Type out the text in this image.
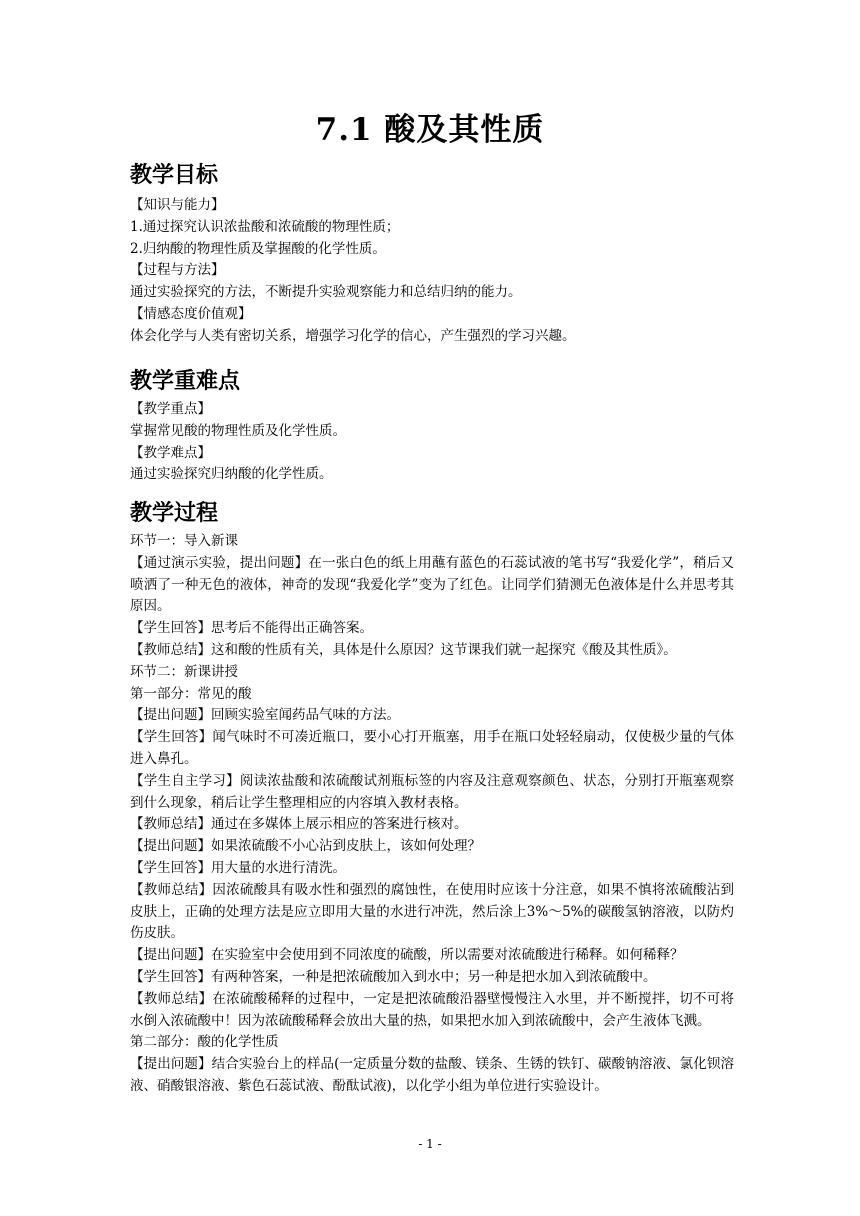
7.1 酸及其性质
教学目标

【知识与能力】

1.通过探究认识浓盐酸和浓硫酸的物理性质；

2.归纳酸的物理性质及掌握酸的化学性质。

【过程与方法】

通过实验探究的方法，不断提升实验观察能力和总结归纳的能力。

【情感态度价值观】

体会化学与人类有密切关系，增强学习化学的信心，产生强烈的学习兴趣。

教学重难点

【教学重点】

掌握常见酸的物理性质及化学性质。

【教学难点】

通过实验探究归纳酸的化学性质。

教学过程

环节一：导入新课

【通过演示实验，提出问题】在一张白色的纸上用蘸有蓝色的石蕊试液的笔书写“我爱化学”，稍后又喷洒了一种无色的液体，神奇的发现“我爱化学”变为了红色。让同学们猜测无色液体是什么并思考其原因。

【学生回答】思考后不能得出正确答案。

【教师总结】这和酸的性质有关，具体是什么原因？这节课我们就一起探究《酸及其性质》。

环节二：新课讲授

第一部分：常见的酸

【提出问题】回顾实验室闻药品气味的方法。

【学生回答】闻气味时不可凑近瓶口，要小心打开瓶塞，用手在瓶口处轻轻扇动，仅使极少量的气体进入鼻孔。

【学生自主学习】阅读浓盐酸和浓硫酸试剂瓶标签的内容及注意观察颜色、状态，分别打开瓶塞观察到什么现象，稍后让学生整理相应的内容填入教材表格。

【教师总结】通过在多媒体上展示相应的答案进行核对。

【提出问题】如果浓硫酸不小心沾到皮肤上，该如何处理？

【学生回答】用大量的水进行清洗。

【教师总结】因浓硫酸具有吸水性和强烈的腐蚀性，在使用时应该十分注意，如果不慎将浓硫酸沾到皮肤上，正确的处理方法是应立即用大量的水进行冲洗，然后涂上3%～5%的碳酸氢钠溶液，以防灼伤皮肤。

【提出问题】在实验室中会使用到不同浓度的硫酸，所以需要对浓硫酸进行稀释。如何稀释？

【学生回答】有两种答案，一种是把浓硫酸加入到水中；另一种是把水加入到浓硫酸中。

【教师总结】在浓硫酸稀释的过程中，一定是把浓硫酸沿器壁慢慢注入水里，并不断搅拌，切不可将水倒入浓硫酸中！因为浓硫酸稀释会放出大量的热，如果把水加入到浓硫酸中，会产生液体飞溅。

第二部分：酸的化学性质

【提出问题】结合实验台上的样品(一定质量分数的盐酸、镁条、生锈的铁钉、碳酸钠溶液、氯化钡溶液、硝酸银溶液、紫色石蕊试液、酚酞试液)，以化学小组为单位进行实验设计。

- 1 -
